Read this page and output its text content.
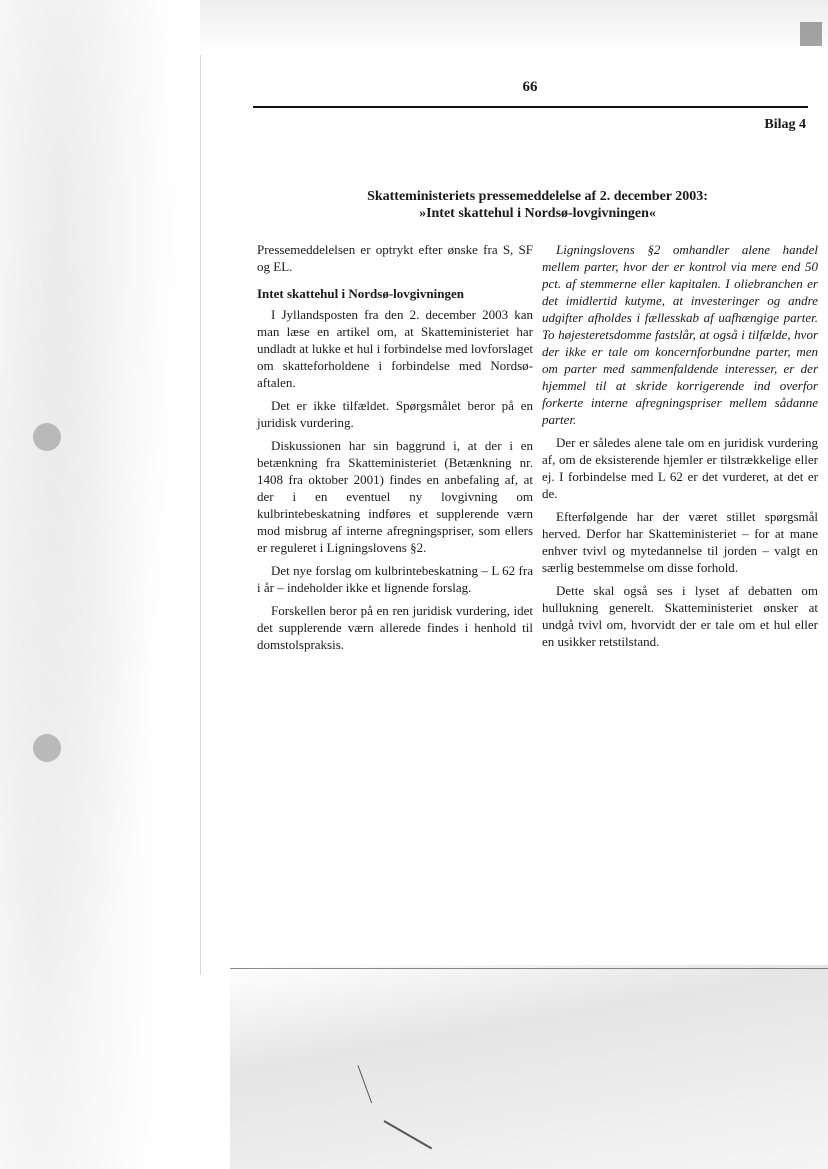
66
Bilag 4
Skatteministeriets pressemeddelelse af 2. december 2003:
»Intet skattehul i Nordsø-lovgivningen«

Pressemeddelelsen er optrykt efter ønske fra S, SF og EL.

Intet skattehul i Nordsø-lovgivningen

I Jyllandsposten fra den 2. december 2003 kan man læse en artikel om, at Skatteministeriet har undladt at lukke et hul i forbindelse med lovforslaget om skatteforholdene i forbindelse med Nordsø-aftalen.

Det er ikke tilfældet. Spørgsmålet beror på en juridisk vurdering.

Diskussionen har sin baggrund i, at der i en betænkning fra Skatteministeriet (Betænkning nr. 1408 fra oktober 2001) findes en anbefaling af, at der i en eventuel ny lovgivning om kulbrintebeskatning indføres et supplerende værn mod misbrug af interne afregningspriser, som ellers er reguleret i Ligningslovens §2.

Det nye forslag om kulbrintebeskatning – L 62 fra i år – indeholder ikke et lignende forslag.

Forskellen beror på en ren juridisk vurdering, idet det supplerende værn allerede findes i henhold til domstolspraksis.

Ligningslovens §2 omhandler alene handel mellem parter, hvor der er kontrol via mere end 50 pct. af stemmerne eller kapitalen. I oliebranchen er det imidlertid kutyme, at investeringer og andre udgifter afholdes i fællesskab af uafhængige parter. To højesteretsdomme fastslår, at også i tilfælde, hvor der ikke er tale om koncernforbundne parter, men om parter med sammenfaldende interesser, er der hjemmel til at skride korrigerende ind overfor forkerte interne afregningspriser mellem sådanne parter.

Der er således alene tale om en juridisk vurdering af, om de eksisterende hjemler er tilstrækkelige eller ej. I forbindelse med L 62 er det vurderet, at det er de.

Efterfølgende har der været stillet spørgsmål herved. Derfor har Skatteministeriet – for at mane enhver tvivl og mytedannelse til jorden – valgt en særlig bestemmelse om disse forhold.

Dette skal også ses i lyset af debatten om hullukning generelt. Skatteministeriet ønsker at undgå tvivl om, hvorvidt der er tale om et hul eller en usikker retstilstand.
